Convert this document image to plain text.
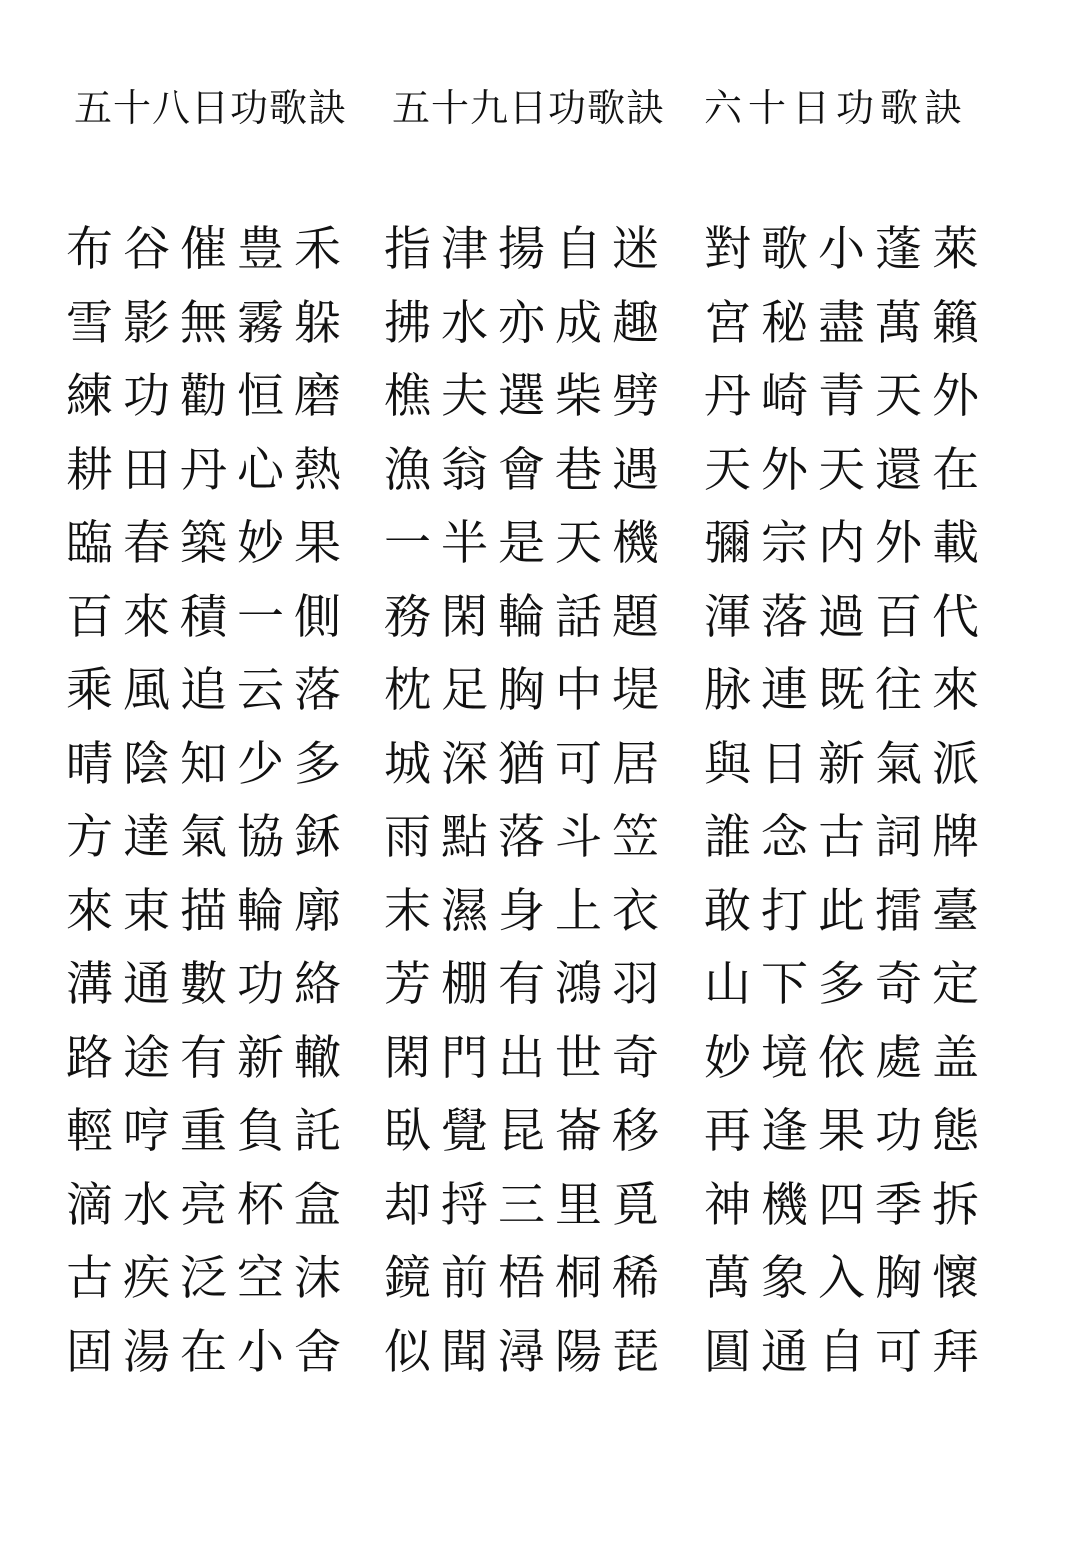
五十八日功歌訣
布谷催豊禾
雪影無霧躲
練功勸恒磨
耕田丹心熱
臨春築妙果
百來積一側
乘風追云落
晴陰知少多
方達氣協鉌
來束描輪廓
溝通數功絡
路途有新轍
輕哼重負託
滴水亮杯盒
古疾泛空沫
固湯在小舍
五十九日功歌訣
指津揚自迷
拂水亦成趣
樵夫選柴劈
漁翁會巷遇
一半是天機
務閑輪話題
枕足胸中堤
城深猶可居
雨點落斗笠
末濕身上衣
芳棚有鴻羽
閑門出世奇
臥覺昆崙移
却捋三里覓
鏡前梧桐稀
似聞潯陽琵
六十日功歌訣
對歌小蓬萊
宮秘盡萬籟
丹崎青天外
天外天還在
彌宗内外載
渾落過百代
脉連既往來
與日新氣派
誰念古詞牌
敢打此擂臺
山下多奇定
妙境依處盖
再逢果功態
神機四季拆
萬象入胸懷
圓通自可拜
